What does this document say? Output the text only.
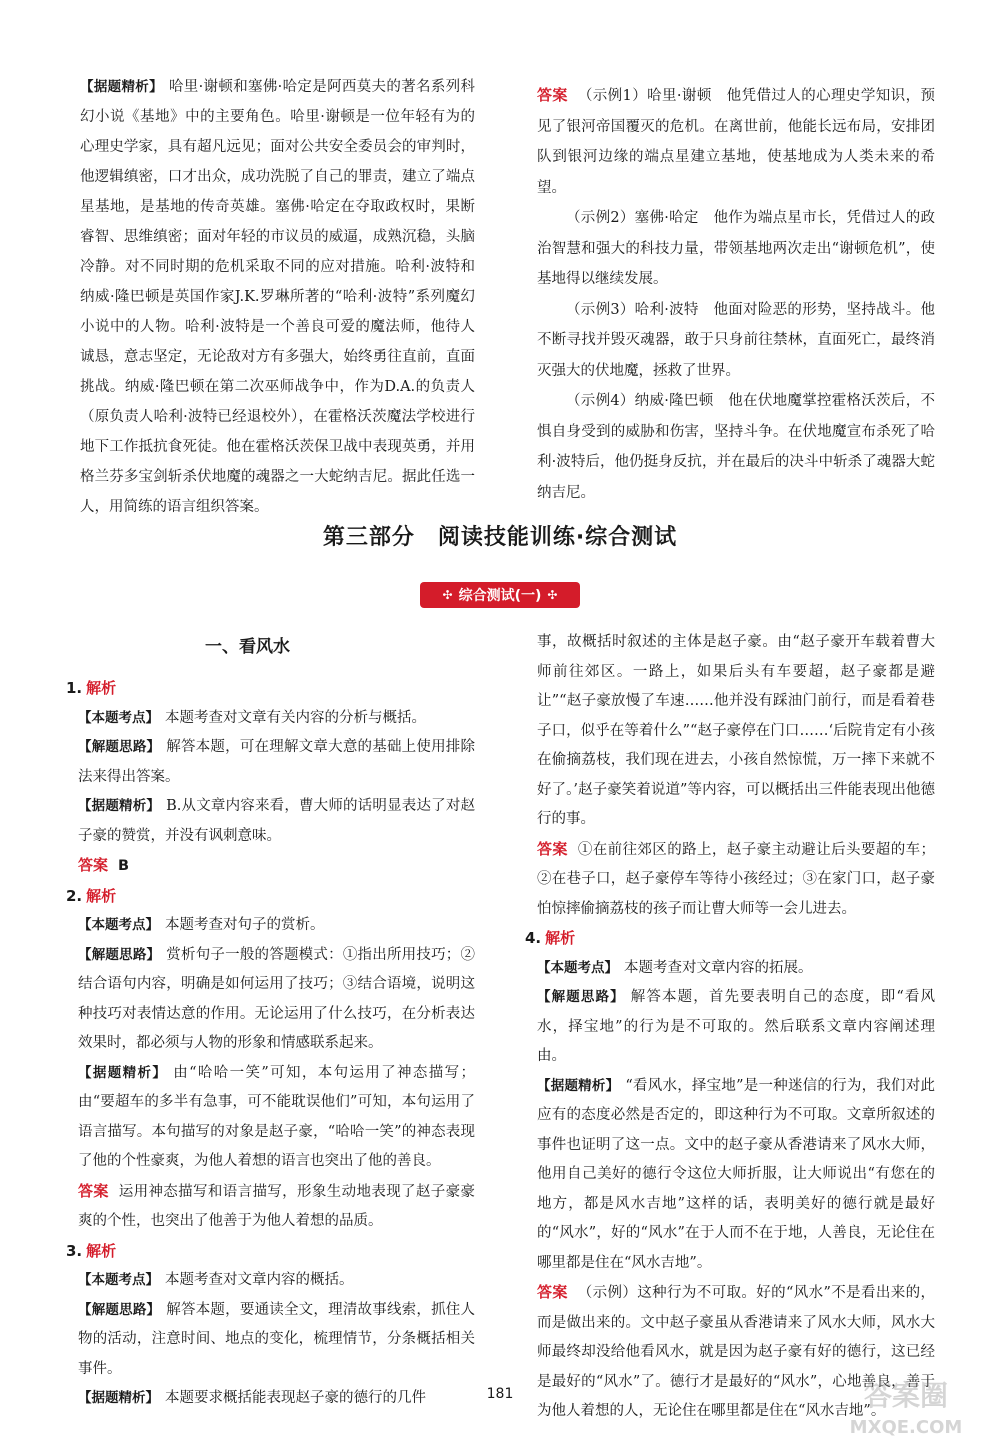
【据题精析】 哈里·谢顿和塞佛·哈定是阿西莫夫的著名系列科幻小说《基地》中的主要角色。哈里·谢顿是一位年轻有为的心理史学家，具有超凡远见；面对公共安全委员会的审判时，他逻辑缜密，口才出众，成功洗脱了自己的罪责，建立了端点星基地，是基地的传奇英雄。塞佛·哈定在夺取政权时，果断睿智、思维缜密；面对年轻的市议员的威逼，成熟沉稳，头脑冷静。对不同时期的危机采取不同的应对措施。哈利·波特和纳威·隆巴顿是英国作家J.K.罗琳所著的“哈利·波特”系列魔幻小说中的人物。哈利·波特是一个善良可爱的魔法师，他待人诚恳，意志坚定，无论敌对方有多强大，始终勇往直前，直面挑战。纳威·隆巴顿在第二次巫师战争中，作为D.A.的负责人（原负责人哈利·波特已经退校外），在霍格沃茨魔法学校进行地下工作抵抗食死徒。他在霍格沃茨保卫战中表现英勇，并用格兰芬多宝剑斩杀伏地魔的魂器之一大蛇纳吉尼。据此任选一人，用简练的语言组织答案。

答案 （示例1）哈里·谢顿　他凭借过人的心理史学知识，预见了银河帝国覆灭的危机。在离世前，他能长远布局，安排团队到银河边缘的端点星建立基地，使基地成为人类未来的希望。

（示例2）塞佛·哈定　他作为端点星市长，凭借过人的政治智慧和强大的科技力量，带领基地两次走出“谢顿危机”，使基地得以继续发展。

（示例3）哈利·波特　他面对险恶的形势，坚持战斗。他不断寻找并毁灭魂器，敢于只身前往禁林，直面死亡，最终消灭强大的伏地魔，拯救了世界。

（示例4）纳威·隆巴顿　他在伏地魔掌控霍格沃茨后，不惧自身受到的威胁和伤害，坚持斗争。在伏地魔宣布杀死了哈利·波特后，他仍挺身反抗，并在最后的决斗中斩杀了魂器大蛇纳吉尼。

第三部分　阅读技能训练·综合测试
✣ 综合测试(一) ✣
一、看风水
1. 解析

【本题考点】 本题考查对文章有关内容的分析与概括。

【解题思路】 解答本题，可在理解文章大意的基础上使用排除法来得出答案。

【据题精析】 B.从文章内容来看，曹大师的话明显表达了对赵子豪的赞赏，并没有讽刺意味。

答案 B

2. 解析

【本题考点】 本题考查对句子的赏析。

【解题思路】 赏析句子一般的答题模式：①指出所用技巧；②结合语句内容，明确是如何运用了技巧；③结合语境，说明这种技巧对表情达意的作用。无论运用了什么技巧，在分析表达效果时，都必须与人物的形象和情感联系起来。

【据题精析】 由“哈哈一笑”可知，本句运用了神态描写；由“要超车的多半有急事，可不能耽误他们”可知，本句运用了语言描写。本句描写的对象是赵子豪，“哈哈一笑”的神态表现了他的个性豪爽，为他人着想的语言也突出了他的善良。

答案 运用神态描写和语言描写，形象生动地表现了赵子豪豪爽的个性，也突出了他善于为他人着想的品质。

3. 解析

【本题考点】 本题考查对文章内容的概括。

【解题思路】 解答本题，要通读全文，理清故事线索，抓住人物的活动，注意时间、地点的变化，梳理情节，分条概括相关事件。

【据题精析】 本题要求概括能表现赵子豪的德行的几件

事，故概括时叙述的主体是赵子豪。由“赵子豪开车载着曹大师前往郊区。一路上，如果后头有车要超，赵子豪都是避让”“赵子豪放慢了车速……他并没有踩油门前行，而是看着巷子口，似乎在等着什么”“赵子豪停在门口……‘后院肯定有小孩在偷摘荔枝，我们现在进去，小孩自然惊慌，万一摔下来就不好了。’赵子豪笑着说道”等内容，可以概括出三件能表现出他德行的事。

答案 ①在前往郊区的路上，赵子豪主动避让后头要超的车；②在巷子口，赵子豪停车等待小孩经过；③在家门口，赵子豪怕惊摔偷摘荔枝的孩子而让曹大师等一会儿进去。

4. 解析

【本题考点】 本题考查对文章内容的拓展。

【解题思路】 解答本题，首先要表明自己的态度，即“看风水，择宝地”的行为是不可取的。然后联系文章内容阐述理由。

【据题精析】 “看风水，择宝地”是一种迷信的行为，我们对此应有的态度必然是否定的，即这种行为不可取。文章所叙述的事件也证明了这一点。文中的赵子豪从香港请来了风水大师，他用自己美好的德行令这位大师折服，让大师说出“有您在的地方，都是风水吉地”这样的话，表明美好的德行就是最好的“风水”，好的“风水”在于人而不在于地，人善良，无论住在哪里都是住在“风水吉地”。

答案 （示例）这种行为不可取。好的“风水”不是看出来的，而是做出来的。文中赵子豪虽从香港请来了风水大师，风水大师最终却没给他看风水，就是因为赵子豪有好的德行，这已经是最好的“风水”了。德行才是最好的“风水”，心地善良，善于为他人着想的人，无论住在哪里都是住在“风水吉地”。

181	答案圈
MXQE.COM
